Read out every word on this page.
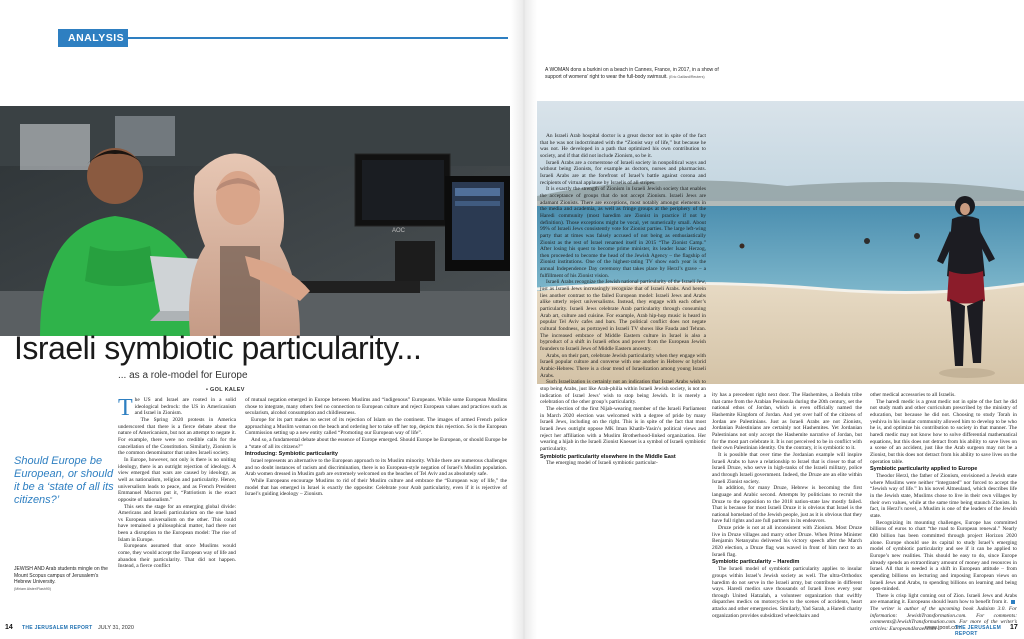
ANALYSIS
AOC
A WOMAN dons a burkini on a beach in Cannes, France, in 2017, in a show of support of womens’ right to wear the full-body swimsuit. (Eric Gaillard/Reuters)
Israeli symbiotic particularity...
... as a role-model for Europe
• GOL KALEV
Should Europe be European, or should it be a ‘state of all its citizens?’
JEWISH AND Arab students mingle on the Mount Scopus campus of Jerusalem’s Hebrew University.
(Miriam Alster/Flash90)

The US and Israel are rooted in a solid ideological bedrock: the US in Americanism and Israel in Zionism.

The Spring 2020 protests in America underscored that there is a fierce debate about the nature of Americanism, but not an attempt to negate it. For example, there were no credible calls for the cancellation of the Constitution. Similarly, Zionism is the common denominator that unites Israeli society.

In Europe, however, not only is there is no uniting ideology, there is an outright rejection of ideology. A view emerged that wars are caused by ideology, as well as nationalism, religion and particularity. Hence, universalism leads to peace, and as French President Emmanuel Macron put it, “Patriotism is the exact opposite of nationalism.”

This sets the stage for an emerging global divide: Americans and Israeli particularism on the one hand vs European universalism on the other. This could have remained a philosophical matter, had there not been a disruption to the European model: The rise of Islam in Europe.

Europeans assumed that once Muslims would come, they would accept the European way of life and abandon their particularity. That did not happen. Instead, a fierce conflict

of mutual negation emerged in Europe between Muslims and “indigenous” Europeans. While some European Muslims chose to integrate, many others feel no connection to European culture and reject European values and practices such as secularism, alcohol consumption and childlessness.

Europe for its part makes no secret of its rejection of Islam on the continent. The images of armed French police approaching a Muslim woman on the beach and ordering her to take off her top, depicts this rejection. So is the European Commission setting up a new entity called “Promoting our European way of life”.

And so, a fundamental debate about the essence of Europe emerged. Should Europe be European, or should Europe be a “state of all its citizens?”

Introducing: Symbiotic particularity

Israel represents an alternative to the European approach to its Muslim minority. While there are numerous challenges and no doubt instances of racism and discrimination, there is no European-style negation of Israel’s Muslim population. Arab women dressed in Muslim garb are extremely welcomed on the beaches of Tel Aviv and as absolutely safe.

While Europeans encourage Muslims to rid of their Muslim culture and embrace the “European way of life,” the model that has emerged in Israel is exactly the opposite: Celebrate your Arab particularity, even if it is rejective of Israel’s guiding ideology – Zionism.

An Israeli Arab hospital doctor is a great doctor not in spite of the fact that he was not indoctrinated with the “Zionist way of life,” but because he was not. He developed in a path that optimized his own contribution to society, and if that did not include Zionism, so be it.

Israeli Arabs are a cornerstone of Israeli society in nonpolitical ways and without being Zionists, for example as doctors, nurses and pharmacists. Israeli Arabs are at the forefront of Israel’s battle against corona and recipients of virtual applause by Israelis of all stripes.

It is exactly the strength of Zionism in Israeli Jewish society that enables the acceptance of groups that do not accept Zionism. Israeli Jews are adamant Zionists. There are exceptions, most notably amongst elements in the media and academia, as well as fringe groups at the periphery of the Haredi community (most haredim are Zionist in practice if not by definition). Those exceptions might be vocal, yet numerically small. About 99% of Israeli Jews consistently vote for Zionist parties. The large left-wing party that at times was falsely accused of not being as enthusiastically Zionist as the rest of Israel renamed itself in 2015 “The Zionist Camp.” After losing his quest to become prime minister, its leader Isaac Herzog, then proceeded to become the head of the Jewish Agency – the flagship of Zionist institutions. One of the highest-rating TV show each year is the annual Independence Day ceremony that takes place by Herzl’s grave – a fulfillment of his Zionist vision.

Israeli Arabs recognize the Jewish national particularity of the Israeli Jew, just as Israeli Jews increasingly recognize that of Israeli Arabs. And herein lies another contrast to the failed European model: Israeli Jews and Arabs alike utterly reject universalisms. Instead, they engage with each other’s particularity. Israeli Jews celebrate Arab particularity through consuming Arab art, culture and cuisine. For example, Arab hip-hop music is heard in popular Tel Aviv cafes and bars. The political conflict does not negate cultural fondness, as portrayed in Israeli TV shows like Fauda and Tehran. The increased embrace of Middle Eastern culture in Israel is also a byproduct of a shift in Israeli ethos and power from the European Jewish founders to Israeli Jews of Middle Eastern ancestry.

Arabs, on their part, celebrate Jewish particularity when they engage with Israeli popular culture and converse with one another in Hebrew or hybrid Arabic-Hebrew. There is a clear trend of Israelization among young Israeli Arabs.

Such Israelization is certainly not an indication that Israel Arabs wish to stop being Arabs, just like Arab-philia within Israeli Jewish society, is not an indication of Israel Jews’ wish to stop being Jewish. It is merely a celebration of the other group’s particularity.

The election of the first Nijab-wearing member of the Israeli Parliament in March 2020 election was welcomed with a degree of pride by many Israeli Jews, including on the right. This is in spite of the fact that most Israeli Jews outright oppose MK Iman Khatib-Yasin’s political views and reject her affiliation with a Muslim Brotherhood-linked organization. Her wearing a hijab in the Israeli Zionist Knesset is a symbol of Israeli symbiotic particularity.

Symbiotic particularity elsewhere in the Middle East

The emerging model of Israeli symbiotic particular-

ity has a precedent right next door. The Hashemites, a Beduin tribe that came from the Arabian Peninsula during the 20th century, set the national ethos of Jordan, which is even officially named the Hashemite Kingdom of Jordan. And yet over half of the citizens of Jordan are Palestinians. Just as Israeli Arabs are not Zionists, Jordanian Palestinians are certainly not Hashemites. Yet Jordanian Palestinians not only accept the Hashemite narrative of Jordan, but for the most part celebrate it. It is not perceived to be in conflict with their own Palestinian identity. On the contrary, it is symbiotic to it.

It is possible that over time the Jordanian example will inspire Israeli Arabs to have a relationship to Israel that is closer to that of Israeli Druze, who serve in high-ranks of the Israeli military, police and through Israeli government. Indeed, the Druze are an elite within Israeli Zionist society.

In addition, for many Druze, Hebrew is becoming the first language and Arabic second. Attempts by politicians to recruit the Druze to the opposition to the 2018 nation-state law mostly failed. That is because for most Israeli Druze it is obvious that Israel is the national homeland of the Jewish people, just as it is obvious that they have full rights and are full partners in its endeavors.

Druze pride is not at all inconsistent with Zionism. Most Druze live in Druze villages and marry other Druze. When Prime Minister Benjamin Netanyahu delivered his victory speech after the March 2020 election, a Druze flag was waved in front of him next to an Israeli flag.

Symbiotic particularity – Haredim

The Israeli model of symbiotic particularity applies to insular groups within Israel’s Jewish society as well. The ultra-Orthodox haredim do not serve in the Israeli army, but contribute in different ways. Haredi medics save thousands of Israeli lives every year through United Hatzalah, a volunteer organization that swiftly dispatches medics on motorcycles to the scenes of accidents, heart attacks and other emergencies. Similarly, Yad Sarah, a Haredi charity organization provides subsidized wheelchairs and

other medical accessories to all Israelis.

The haredi medic is a great medic not in spite of the fact he did not study math and other curriculum prescribed by the ministry of education, but because he did not. Choosing to study Torah in yeshiva in his insular community allowed him to develop to be who he is, and optimize his contribution to society in that manner. The haredi medic may not know how to solve differential mathematical equations, but this does not detract from his ability to save lives on a scene of an accident, just like the Arab surgeon may not be a Zionist, but this does not detract from his ability to save lives on the operation table.

Symbiotic particularity applied to Europe

Theodor Herzl, the father of Zionism, envisioned a Jewish state where Muslims were neither “integrated” nor forced to accept the “Jewish way of life.” In his novel Altneuland, which describes life in the Jewish state, Muslims chose to live in their own villages by their own values, while at the same time being staunch Zionists. In fact, in Herzl’s novel, a Muslim is one of the leaders of the Jewish state.

Recognizing its mounting challenges, Europe has committed billions of euros to chart “the road to European renewal.” Nearly €80 billion has been committed through project Horizon 2020 alone. Europe should use its capital to study Israel’s emerging model of symbiotic particularity and see if it can be applied to Europe’s new realities. This should be easy to do, since Europe already spends an extraordinary amount of money and resources in Israel. All that is needed is a shift in European attitude – from spending billions on lecturing and imposing European views on Israeli Jews and Arabs, to spending billions on learning and being open-minded.

There is crisp light coming out of Zion. Israeli Jews and Arabs are emanating it. Europeans should learn how to benefit from it.

The writer is author of the upcoming book Judaism 3.0. For information: JewishTransformation.com. For comments: comments@JewishTransformation.com. For more of the writer’s articles: EuropeandIsrael.com

14 THE JERUSALEM REPORT JULY 31, 2020	www.jpost.com
THE JERUSALEM REPORT
17
